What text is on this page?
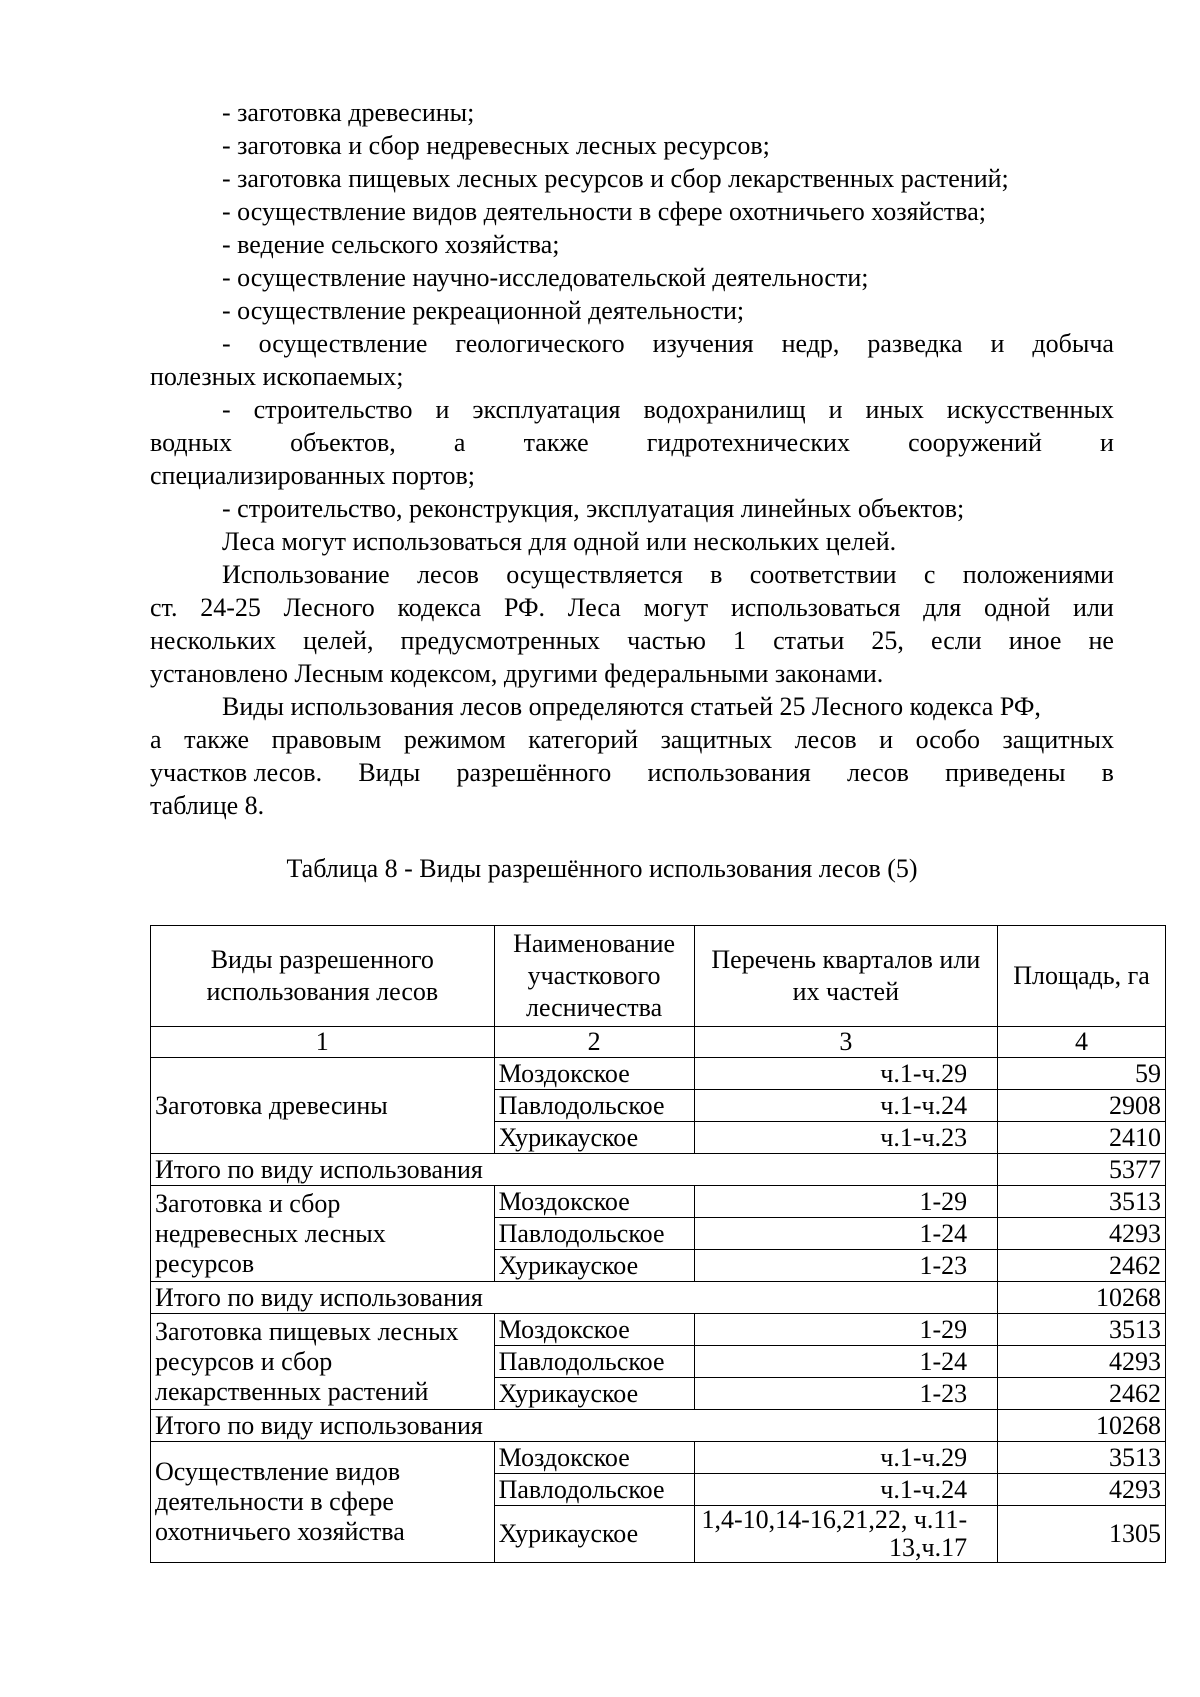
- заготовка древесины;

- заготовка и сбор недревесных лесных ресурсов;

- заготовка пищевых лесных ресурсов и сбор лекарственных растений;

- осуществление видов деятельности в сфере охотничьего хозяйства;

- ведение сельского хозяйства;

- осуществление научно-исследовательской деятельности;

- осуществление рекреационной деятельности;

- осуществление геологического изучения недр, разведка и добыча

полезных ископаемых;

- строительство и эксплуатация водохранилищ и иных искусственных
водных объектов, а также гидротехнических сооружений и

специализированных портов;

- строительство, реконструкция, эксплуатация линейных объектов;

Леса могут использоваться для одной или нескольких целей.

Использование лесов осуществляется в соответствии с положениями
ст. 24-25 Лесного кодекса РФ. Леса могут использоваться для одной или
нескольких целей, предусмотренных частью 1 статьи 25, если иное не

установлено Лесным кодексом, другими федеральными законами.

Виды использования лесов определяются статьей 25 Лесного кодекса РФ,

а также правовым режимом категорий защитных лесов и особо защитных
участков лесов. Виды разрешённого использования лесов приведены в

таблице 8.

Таблица 8 - Виды разрешённого использования лесов (5)
Виды разрешенного использования лесов	Наименование участкового лесничества	Перечень кварталов или их частей	Площадь, га
1	2	3	4
Заготовка древесины	Моздокское	ч.1-ч.29	59
	Павлодольское	ч.1-ч.24	2908
	Хурикауское	ч.1-ч.23	2410
Итого по виду использования			5377
Заготовка и сбор недревесных лесных ресурсов	Моздокское	1-29	3513
	Павлодольское	1-24	4293
	Хурикауское	1-23	2462
Итого по виду использования			10268
Заготовка пищевых лесных ресурсов и сбор лекарственных растений	Моздокское	1-29	3513
	Павлодольское	1-24	4293
	Хурикауское	1-23	2462
Итого по виду использования			10268
Осуществление видов деятельности в сфере охотничьего хозяйства	Моздокское	ч.1-ч.29	3513
	Павлодольское	ч.1-ч.24	4293
	Хурикауское	1,4-10,14-16,21,22, ч.11-13,ч.17	1305
